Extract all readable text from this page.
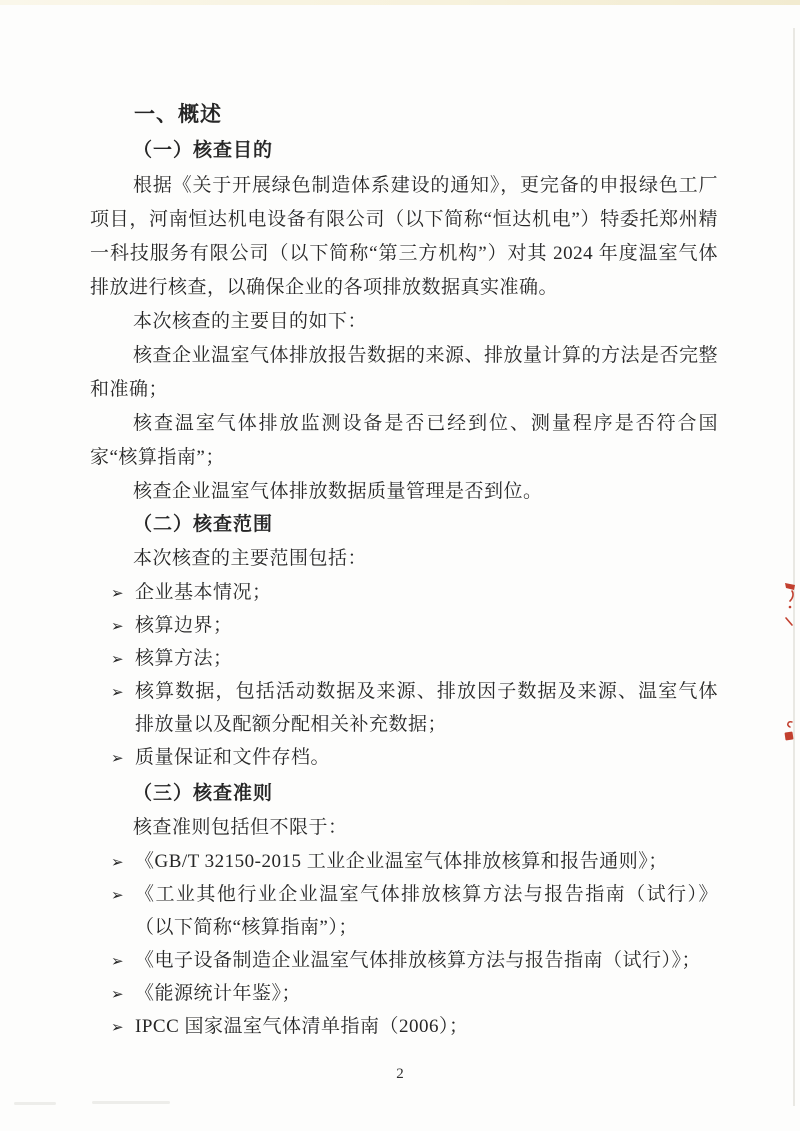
一、概述
（一）核查目的

根据《关于开展绿色制造体系建设的通知》，更完备的申报绿色工厂项目，河南恒达机电设备有限公司（以下简称“恒达机电”）特委托郑州精一科技服务有限公司（以下简称“第三方机构”）对其 2024 年度温室气体排放进行核查，以确保企业的各项排放数据真实准确。

本次核查的主要目的如下：

核查企业温室气体排放报告数据的来源、排放量计算的方法是否完整和准确；

核查温室气体排放监测设备是否已经到位、测量程序是否符合国家“核算指南”；

核查企业温室气体排放数据质量管理是否到位。

（二）核查范围

本次核查的主要范围包括：

➢ 企业基本情况；
➢ 核算边界；
➢ 核算方法；
➢ 核算数据，包括活动数据及来源、排放因子数据及来源、温室气体排放量以及配额分配相关补充数据；
➢ 质量保证和文件存档。
（三）核查准则

核查准则包括但不限于：

➢ 《GB/T 32150-2015 工业企业温室气体排放核算和报告通则》；
➢ 《工业其他行业企业温室气体排放核算方法与报告指南（试行）》（以下简称“核算指南”）；
➢ 《电子设备制造企业温室气体排放核算方法与报告指南（试行）》；
➢ 《能源统计年鉴》；
➢ IPCC 国家温室气体清单指南（2006）；
2
